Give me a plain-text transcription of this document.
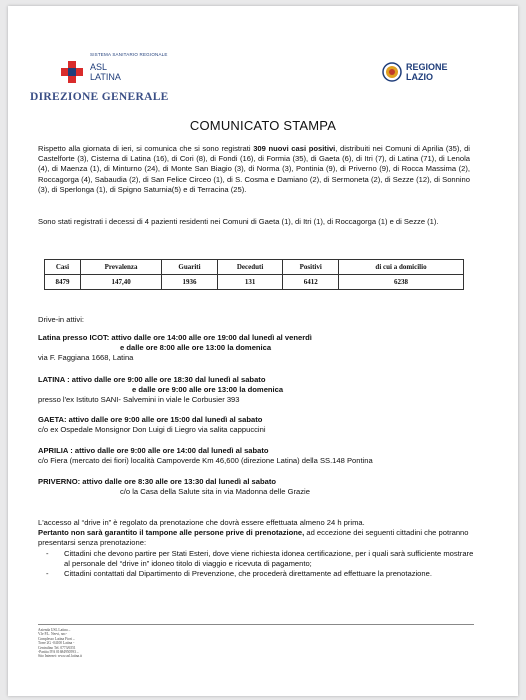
SISTEMA SANITARIO REGIONALE
ASL
LATINA
REGIONE
LAZIO
DIREZIONE GENERALE
COMUNICATO STAMPA
Rispetto alla giornata di ieri, si comunica che si sono registrati 309 nuovi casi positivi, distribuiti nei Comuni di Aprilia (35), di Castelforte (3), Cisterna di Latina (16), di Cori (8), di Fondi (16), di Formia (35), di Gaeta (6), di Itri (7), di Latina (71), di Lenola (4), di Maenza (1), di Minturno (24), di Monte San Biagio (3), di Norma (3), Pontinia (9), di Priverno (9), di Rocca Massima (2), Roccagorga (4), Sabaudia (2), di San Felice Circeo (1), di S. Cosma e Damiano (2), di Sermoneta (2), di Sezze (12), di Sonnino (3), di Sperlonga (1), di Spigno Saturnia(5) e di Terracina (25).
Sono stati registrati i decessi di 4 pazienti residenti nei Comuni di Gaeta (1), di Itri (1), di Roccagorga (1) e di Sezze (1).
Casi	Prevalenza	Guariti	Deceduti	Positivi	di cui a domicilio
8479	147,40	1936	131	6412	6238
Drive-in attivi:
Latina presso ICOT: attivo dalle ore 14:00 alle ore 19:00 dal lunedì al venerdì
e dalle ore 8:00 alle ore 13:00 la domenica
via F. Faggiana 1668, Latina
LATINA : attivo dalle ore 9:00 alle ore 18:30 dal lunedì al sabato
e dalle ore 9:00 alle ore 13:00 la domenica
presso l'ex Istituto SANI- Salvemini in viale le Corbusier 393
GAETA: attivo dalle ore 9:00 alle ore 15:00 dal lunedì al sabato
c/o ex Ospedale Monsignor Don Luigi di Liegro via salita cappuccini
APRILIA : attivo dalle ore 9:00 alle ore 14:00 dal lunedì al sabato
c/o Fiera (mercato dei fiori) località Campoverde Km 46,600 (direzione Latina) della SS.148 Pontina
PRIVERNO: attivo dalle ore 8:30 alle ore 13:30 dal lunedì al sabato
c/o la Casa della Salute sita in via Madonna delle Grazie
L'accesso al “drive in” è regolato da prenotazione che dovrà essere effettuata almeno 24 h prima.
Pertanto non sarà garantito il tampone alle persone prive di prenotazione, ad eccezione dei seguenti cittadini che potranno presentarsi senza prenotazione:
- Cittadini che devono partire per Stati Esteri, dove viene richiesta idonea certificazione, per i quali sarà sufficiente mostrare al personale del “drive in” idoneo titolo di viaggio e ricevuta di pagamento;
- Cittadini contattati dal Dipartimento di Prevenzione, che procederà direttamente ad effettuare la prenotazione.
Azienda USL Latina –
V.le P.L. Nervi, snc-
Complesso Latina Fiori –
Torre 2G -04100 Latina -
Centralino Tel. 0773/6551
-Partita IVA 01684950593 –
Sito Internet: www.asl.latina.it
